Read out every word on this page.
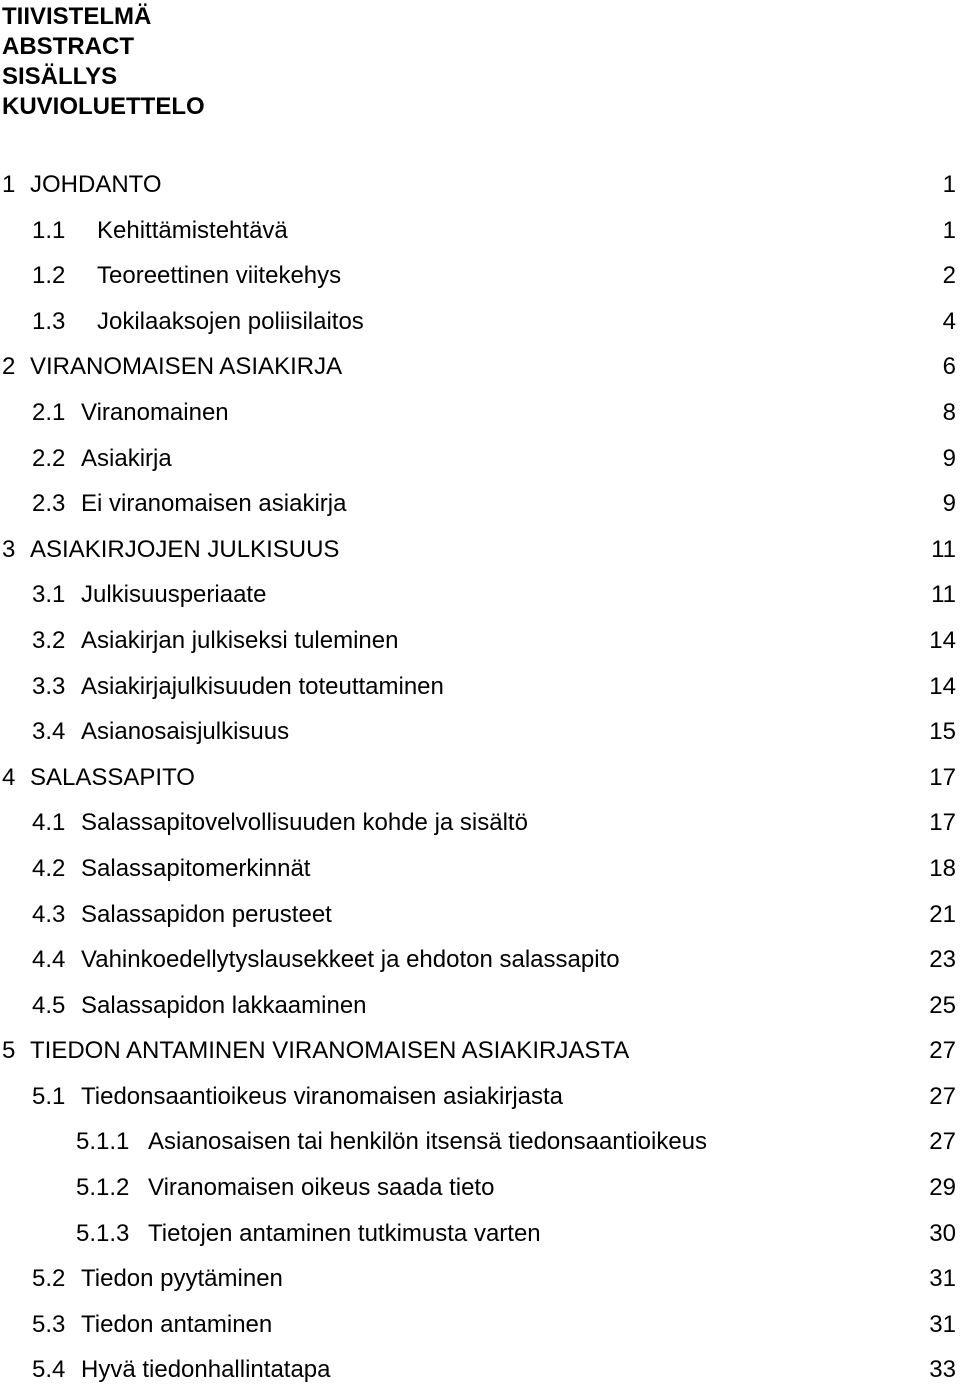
TIIVISTELMÄ
ABSTRACT
SISÄLLYS
KUVIOLUETTELO
1 JOHDANTO	1
1.1 Kehittämistehtävä	1
1.2 Teoreettinen viitekehys	2
1.3 Jokilaaksojen poliisilaitos	4
2 VIRANOMAISEN ASIAKIRJA	6
2.1 Viranomainen	8
2.2 Asiakirja	9
2.3 Ei viranomaisen asiakirja	9
3 ASIAKIRJOJEN JULKISUUS	11
3.1 Julkisuusperiaate	11
3.2 Asiakirjan julkiseksi tuleminen	14
3.3 Asiakirjajulkisuuden toteuttaminen	14
3.4 Asianosaisjulkisuus	15
4 SALASSAPITO	17
4.1 Salassapitovelvollisuuden kohde ja sisältö	17
4.2 Salassapitomerkinnät	18
4.3 Salassapidon perusteet	21
4.4 Vahinkoedellytyslausekkeet ja ehdoton salassapito	23
4.5 Salassapidon lakkaaminen	25
5 TIEDON ANTAMINEN VIRANOMAISEN ASIAKIRJASTA	27
5.1 Tiedonsaantioikeus viranomaisen asiakirjasta	27
5.1.1 Asianosaisen tai henkilön itsensä tiedonsaantioikeus	27
5.1.2 Viranomaisen oikeus saada tieto	29
5.1.3 Tietojen antaminen tutkimusta varten	30
5.2 Tiedon pyytäminen	31
5.3 Tiedon antaminen	31
5.4 Hyvä tiedonhallintatapa	33
